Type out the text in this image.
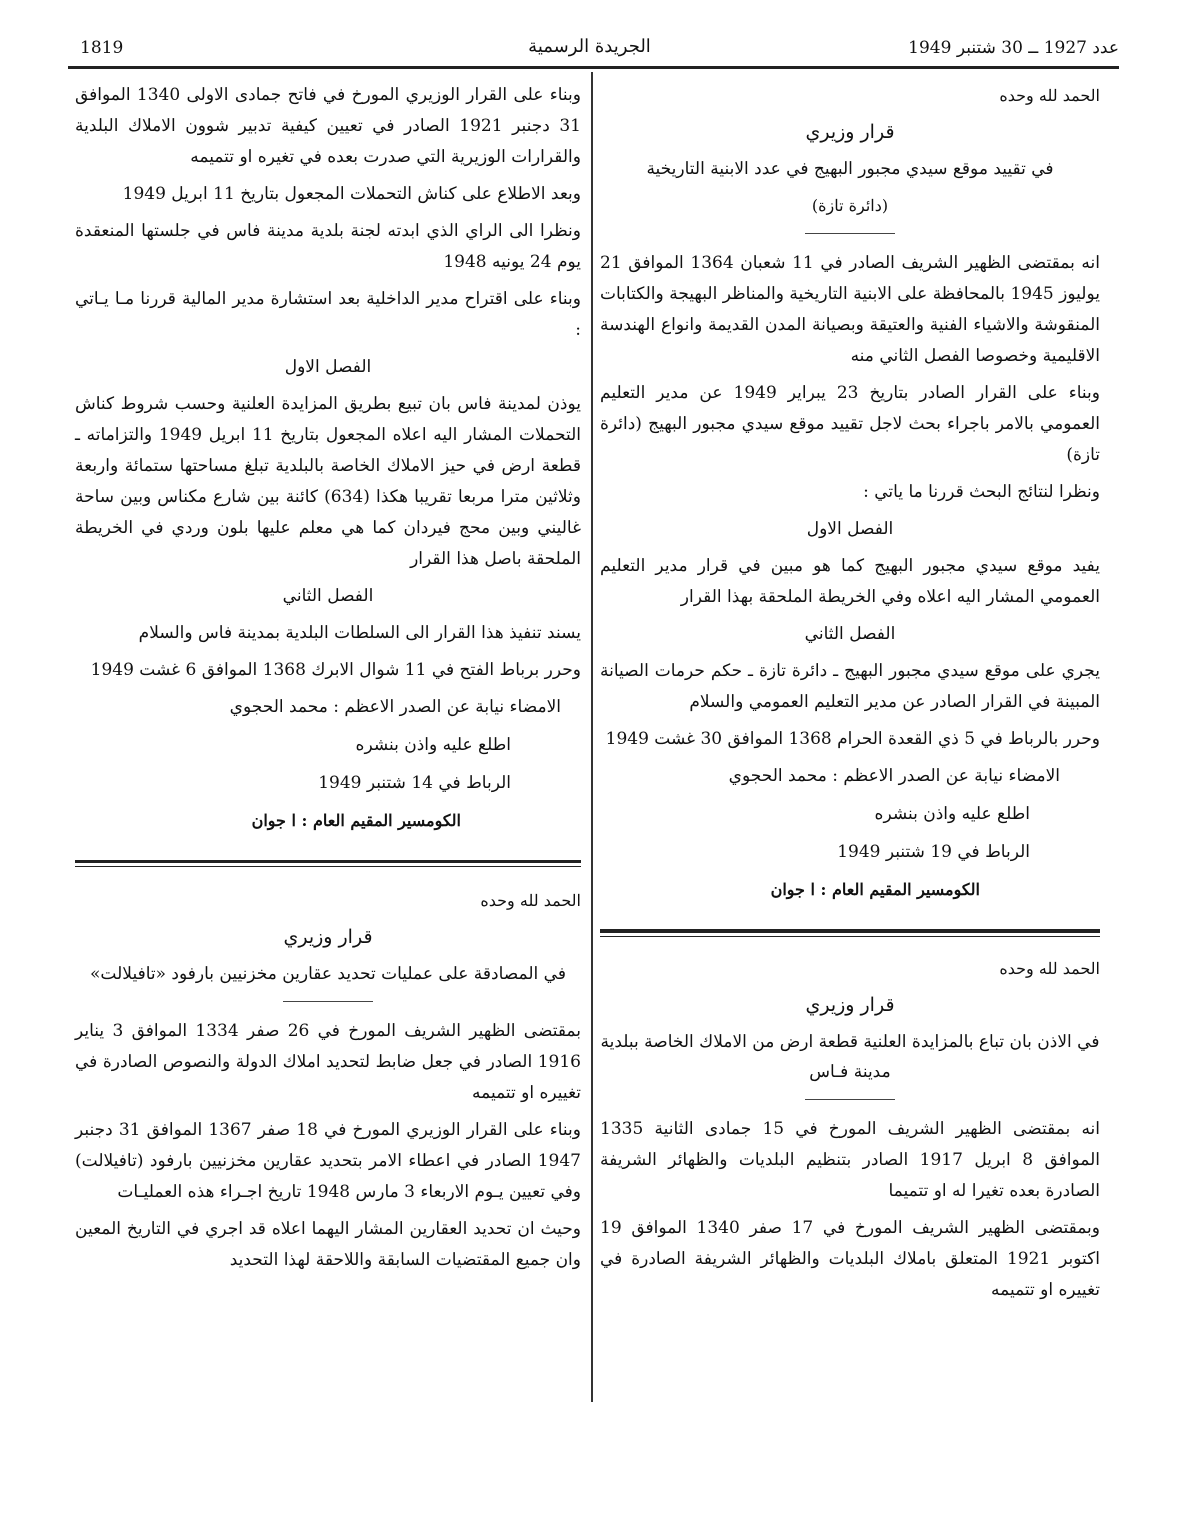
1819	الجريدة الرسمية	عدد 1927 ــ 30 شتنبر 1949

الحمد لله وحده

قرار وزيري

في تقييد موقع سيدي مجبور البهيج في عدد الابنية التاريخية

(دائرة تازة)

انه بمقتضى الظهير الشريف الصادر في 11 شعبان 1364 الموافق 21 يوليوز 1945 بالمحافظة على الابنية التاريخية والمناظر البهيجة والكتابات المنقوشة والاشياء الفنية والعتيقة وبصيانة المدن القديمة وانواع الهندسة الاقليمية وخصوصا الفصل الثاني منه

وبناء على القرار الصادر بتاريخ 23 يبراير 1949 عن مدير التعليم العمومي بالامر باجراء بحث لاجل تقييد موقع سيدي مجبور البهيج (دائرة تازة)

ونظرا لنتائج البحث قررنا ما ياتي :

الفصل الاول

يفيد موقع سيدي مجبور البهيج كما هو مبين في قرار مدير التعليم العمومي المشار اليه اعلاه وفي الخريطة الملحقة بهذا القرار

الفصل الثاني

يجري على موقع سيدي مجبور البهيج ـ دائرة تازة ـ حكم حرمات الصيانة المبينة في القرار الصادر عن مدير التعليم العمومي والسلام

وحرر بالرباط في 5 ذي القعدة الحرام 1368 الموافق 30 غشت 1949

الامضاء نيابة عن الصدر الاعظم : محمد الحجوي

اطلع عليه واذن بنشره

الرباط في 19 شتنبر 1949

الكومسير المقيم العام : ا جوان

الحمد لله وحده

قرار وزيري

في الاذن بان تباع بالمزايدة العلنية قطعة ارض من الاملاك الخاصة ببلدية مدينة فـاس

انه بمقتضى الظهير الشريف المورخ في 15 جمادى الثانية 1335 الموافق 8 ابريل 1917 الصادر بتنظيم البلديات والظهائر الشريفة الصادرة بعده تغيرا له او تتميما

وبمقتضى الظهير الشريف المورخ في 17 صفر 1340 الموافق 19 اكتوبر 1921 المتعلق باملاك البلديات والظهائر الشريفة الصادرة في تغييره او تتميمه

وبناء على القرار الوزيري المورخ في فاتح جمادى الاولى 1340 الموافق 31 دجنبر 1921 الصادر في تعيين كيفية تدبير شوون الاملاك البلدية والقرارات الوزيرية التي صدرت بعده في تغيره او تتميمه

وبعد الاطلاع على كناش التحملات المجعول بتاريخ 11 ابريل 1949

ونظرا الى الراي الذي ابدته لجنة بلدية مدينة فاس في جلستها المنعقدة يوم 24 يونيه 1948

وبناء على اقتراح مدير الداخلية بعد استشارة مدير المالية قررنا مـا يـاتي :

الفصل الاول

يوذن لمدينة فاس بان تبيع بطريق المزايدة العلنية وحسب شروط كناش التحملات المشار اليه اعلاه المجعول بتاريخ 11 ابريل 1949 والتزاماته ـ قطعة ارض في حيز الاملاك الخاصة بالبلدية تبلغ مساحتها ستمائة واربعة وثلاثين مترا مربعا تقريبا هكذا (634) كائنة بين شارع مكناس وبين ساحة غاليني وبين محج فيردان كما هي معلم عليها بلون وردي في الخريطة الملحقة باصل هذا القرار

الفصل الثاني

يسند تنفيذ هذا القرار الى السلطات البلدية بمدينة فاس والسلام

وحرر برباط الفتح في 11 شوال الابرك 1368 الموافق 6 غشت 1949

الامضاء نيابة عن الصدر الاعظم : محمد الحجوي

اطلع عليه واذن بنشره

الرباط في 14 شتنبر 1949

الكومسير المقيم العام : ا جوان

الحمد لله وحده

قرار وزيري

في المصادقة على عمليات تحديد عقارين مخزنيين بارفود «تافيلالت»

بمقتضى الظهير الشريف المورخ في 26 صفر 1334 الموافق 3 يناير 1916 الصادر في جعل ضابط لتحديد املاك الدولة والنصوص الصادرة في تغييره او تتميمه

وبناء على القرار الوزيري المورخ في 18 صفر 1367 الموافق 31 دجنبر 1947 الصادر في اعطاء الامر بتحديد عقارين مخزنيين بارفود (تافيلالت) وفي تعيين يـوم الاربعاء 3 مارس 1948 تاريخ اجـراء هذه العمليـات

وحيث ان تحديد العقارين المشار اليهما اعلاه قد اجري في التاريخ المعين وان جميع المقتضيات السابقة واللاحقة لهذا التحديد
